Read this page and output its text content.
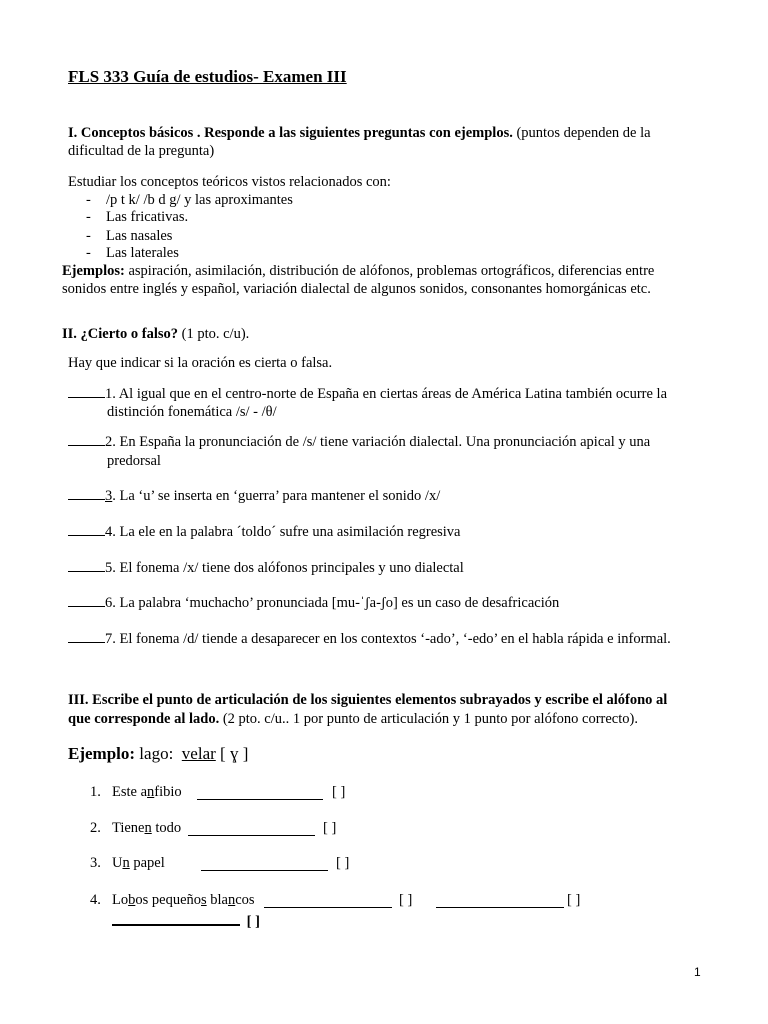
FLS 333 Guía de estudios- Examen III
I. Conceptos básicos . Responde a las siguientes preguntas con ejemplos. (puntos dependen de la
dificultad de la pregunta)
Estudiar los conceptos teóricos vistos relacionados con:
- /p t k/ /b d g/ y las aproximantes
- Las fricativas.
- Las nasales
- Las laterales
Ejemplos: aspiración, asimilación, distribución de alófonos, problemas ortográficos, diferencias entre
sonidos entre inglés y español, variación dialectal de algunos sonidos, consonantes homorgánicas etc.
II. ¿Cierto o falso? (1 pto. c/u).
Hay que indicar si la oración es cierta o falsa.
1. Al igual que en el centro-norte de España en ciertas áreas de América Latina también ocurre la
distinción fonemática /s/ - /θ/
2. En España la pronunciación de /s/ tiene variación dialectal. Una pronunciación apical y una
predorsal
3. La ‘u’ se inserta en ‘guerra’ para mantener el sonido /x/
4. La ele en la palabra ´toldo´ sufre una asimilación regresiva
5. El fonema /x/ tiene dos alófonos principales y uno dialectal
6. La palabra ‘muchacho’ pronunciada [mu-ˈʃa-ʃo] es un caso de desafricación
7. El fonema /d/ tiende a desaparecer en los contextos ‘-ado’, ‘-edo’ en el habla rápida e informal.
III. Escribe el punto de articulación de los siguientes elementos subrayados y escribe el alófono al
que corresponde al lado. (2 pto. c/u.. 1 por punto de articulación y 1 punto por alófono correcto).
Ejemplo: lago: velar [ ɣ ]
1. Este anfibio	[ ]
2. Tienen todo	[ ]
3. Un papel	[ ]
4. Lobos pequeños blancos	[ ]	[ ]
[ ]
1
